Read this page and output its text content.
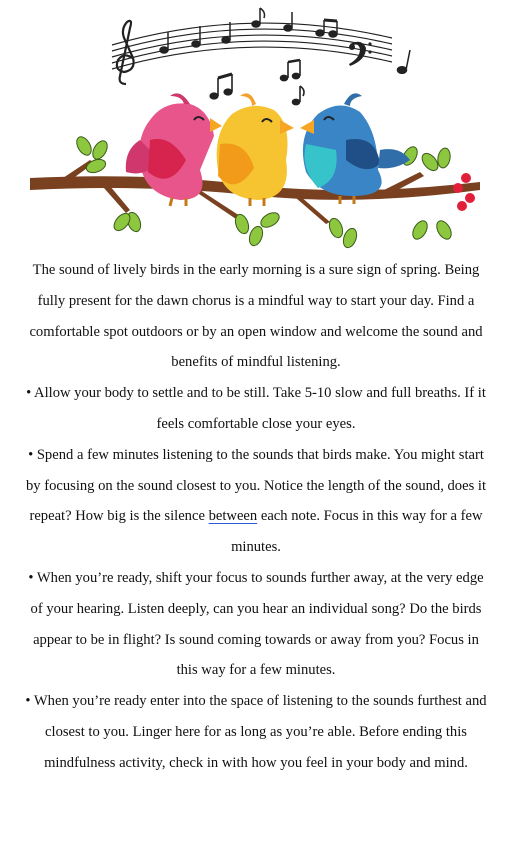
The sound of lively birds in the early morning is a sure sign of spring. Being fully present for the dawn chorus is a mindful way to start your day. Find a comfortable spot outdoors or by an open window and welcome the sound and benefits of mindful listening.

• Allow your body to settle and to be still. Take 5-10 slow and full breaths. If it feels comfortable close your eyes.

• Spend a few minutes listening to the sounds that birds make. You might start by focusing on the sound closest to you. Notice the length of the sound, does it repeat? How big is the silence between each note. Focus in this way for a few minutes.

• When you’re ready, shift your focus to sounds further away, at the very edge of your hearing. Listen deeply, can you hear an individual song? Do the birds appear to be in flight? Is sound coming towards or away from you? Focus in this way for a few minutes.

• When you’re ready enter into the space of listening to the sounds furthest and closest to you. Linger here for as long as you’re able. Before ending this mindfulness activity, check in with how you feel in your body and mind.
